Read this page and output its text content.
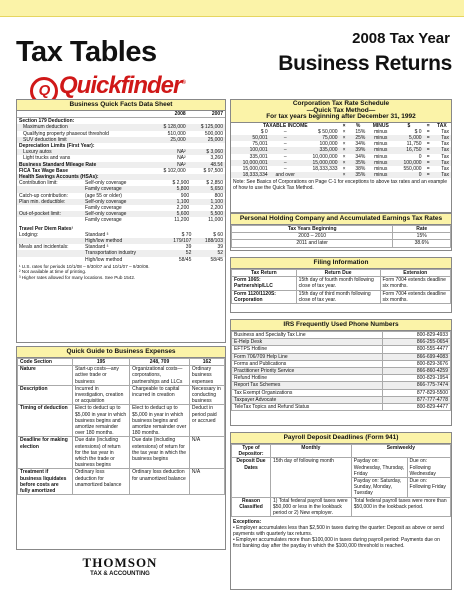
Tax Tables
Q Quickfinder®
2008 Tax Year
Business Returns
Business Quick Facts Data Sheet
	2008	2007
Section 179 Deduction:		
Maximum deduction	$ 128,000	$ 125,000
Qualifying property phaseout threshold	510,000	500,000
SUV deduction limit	25,000	25,000
Depreciation Limits (First Year):		
Luxury autos	NA²	$ 3,060
Light trucks and vans	NA²	3,260
Business Standard Mileage Rate	NA²	48.5¢
FICA Tax Wage Base	$ 102,000	$ 97,500
Health Savings Accounts (HSAs):		
Contribution limit:	Self-only coverage	$ 2,900	$ 2,850
	Family coverage	5,800	5,650
Catch-up contribution:	(age 55 or older)	900	800
Plan min. deductible:	Self-only coverage	1,100	1,100
	Family coverage	2,200	2,200
Out-of-pocket limit:	Self-only coverage	5,600	5,500
	Family coverage	11,200	11,000
Travel Per Diem Rates¹
Lodging:	Standard ³	$ 70	$ 60
	High/low method	179/107	188/103
Meals and incidentals:	Standard ³	39	39
	Transportation industry	52	52
	High/low method	58/45	58/45
¹ U.S. rates for periods 10/1/08 – 9/30/07 and 10/1/07 – 9/30/08.
² Not available at time of printing.
³ Higher rates allowed for many locations. See Pub 1542.
Quick Guide to Business Expenses
Code Section	195	248, 709	162
Nature	Start-up costs—any active trade or business	Organizational costs—corporations, partnerships and LLCs	Ordinary business expenses
Description	Incurred in investigation, creation or acquisition	Chargeable to capital incurred in creation	Necessary in conducting business
Timing of deduction	Elect to deduct up to $5,000 in year in which business begins and amortize remainder over 180 months.	Elect to deduct up to $5,000 in year in which business begins and amortize remainder over 180 months.	Deduct in period paid or accrued
Deadline for making election	Due date (including extensions) of return for the tax year in which the trade or business begins	Due date (including extensions) of return for the tax year in which the business begins	N/A
Treatment if business liquidates before costs are fully amortized	Ordinary loss deduction for unamortized balance	Ordinary loss deduction for unamortized balance	N/A
THOMSON
TAX & ACCOUNTING
Corporation Tax Rate Schedule
—Quick Tax Method—
For tax years beginning after December 31, 1992
TAXABLE INCOME			×	%	MINUS	$	=	TAX
$ 0	–	$ 50,000	×	15%	minus	$ 0	=	Tax
50,001	–	75,000	×	25%	minus	5,000	=	Tax
75,001	–	100,000	×	34%	minus	11,750	=	Tax
100,001	–	335,000	×	39%	minus	16,750	=	Tax
335,001	–	10,000,000	×	34%	minus	0	=	Tax
10,000,001	–	15,000,000	×	35%	minus	100,000	=	Tax
15,000,001	–	18,333,333	×	38%	minus	550,000	=	Tax
18,333,334	and over		×	35%	minus	0	=	Tax
Note: See Basics of Corporations on Page C-1 for exceptions to above tax rates and an example of how to use the Quick Tax Method.
Personal Holding Company and Accumulated Earnings Tax Rates
Tax Years Beginning	Rate
2003 – 2010	15%
2011 and later	38.6%
Filing Information
Tax Return	Return Due	Extension
Form 1065: Partnership/LLC	15th day of fourth month following close of tax year.	Form 7004 extends deadline six months.
Form 1120/1120S: Corporation	15th day of third month following close of tax year.	Form 7004 extends deadline six months.
IRS Frequently Used Phone Numbers
Business and Specialty Tax Line	800-829-4933
E-Help Desk	866-255-0654
EFTPS Hotline	800-555-4477
Form 706/709 Help Line	866-699-4083
Forms and Publications	800-829-3676
Practitioner Priority Service	866-860-4259
Refund Hotline	800-829-1954
Report Tax Schemes	866-775-7474
Tax Exempt Organizations	877-829-5500
Taxpayer Advocate	877-777-4778
TeleTax Topics and Refund Status	800-829-4477
Payroll Deposit Deadlines (Form 941)
Type of Depositor:	Monthly	Semiweekly	
Deposit Due Dates	15th day of following month	Payday on: Wednesday, Thursday, Friday	Due on: Following Wednesday
		Payday on: Saturday, Sunday, Monday, Tuesday	Due on: Following Friday
Reason Classified	1) Total federal payroll taxes were $50,000 or less in the lookback period or 2) New employer.	Total federal payroll taxes were more than $50,000 in the lookback period.	
Exceptions:
• Employer accumulates less than $2,500 in taxes during the quarter: Deposit as above or send payments with quarterly tax returns.
• Employer accumulates more than $100,000 in taxes during payroll period: Payments due on first banking day after the payday in which the $100,000 threshold is reached.
